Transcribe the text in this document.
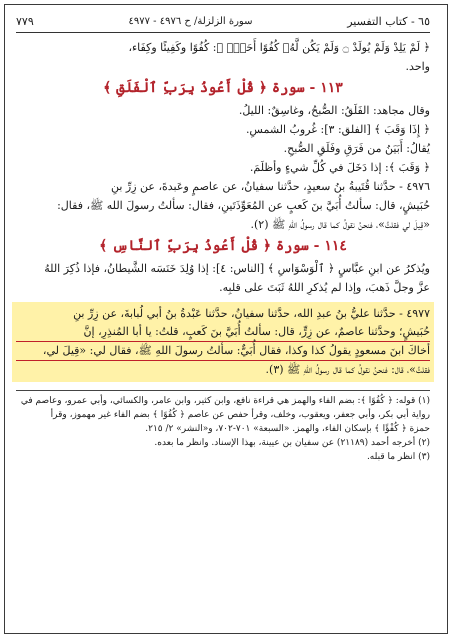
٦٥ - كتاب التفسير
سورة الزلزلة/ ح ٤٩٧٦ - ٤٩٧٧
٧٧٩

﴿ لَمْ يَلِدْ وَلَمْ يُولَدْ ۝ وَلَمْ يَكُن لَّهُۥ كُفُوًا أَحَدٌۢ ﴾: كُفُوًا وكَفِيئًا وكِفَاء،

واحد.

١١٣ - سورة ﴿ قُلْ أَعُوذُ بِرَبِّ ٱلْفَلَقِ ﴾

وقال مجاهد: الفَلَقُ: الصُّبحُ، وغاسِقٌ: الليلُ.

﴿ إِذَا وَقَبَ ﴾ [الفلق: ٣]: غُروبُ الشمسِ.

يُقالُ: أَبَيَنُ من فَرَقِ وفَلَقِ الصُّبحِ.

﴿ وَقَبَ ﴾: إذا دَخَلَ في كُلِّ شيءٍ وأظلَمَ.

٤٩٧٦ - حدَّثنا قُتَيبةُ بنُ سعيدٍ، حدَّثنا سفيانُ، عن عاصمٍ وعَبدةَ، عن زِرِّ بنِ

حُبَيشٍ، قال: سألتُ أُبَيَّ بنَ كَعبٍ عن المُعَوِّذَتَينِ، فقال: سألتُ رسولَ الله ﷺ، فقال:

«قِيلَ لي فقلتُ»، فنحنُ نقولُ كما قال رسولُ اللهِ ﷺ (٢).

١١٤ - سورة ﴿ قُلْ أَعُوذُ بِرَبِّ ٱلنَّاسِ ﴾

ويُذكرُ عن ابنِ عبَّاسٍ ﴿ ٱلْوَسْوَاسِ ﴾ [الناس: ٤]: إذا وُلِدَ خَنَسَه الشَّيطانُ، فإذا ذُكِرَ اللهُ

عزَّ وجلَّ ذَهبَ، وإذا لم يُذكرِ اللهُ ثَبَتَ على قلبِه.

٤٩٧٧ - حدَّثنا عليُّ بنُ عبدِ الله، حدَّثنا سفيانُ، حدَّثنا عَبْدةُ بنُ أبي لُبابةَ، عن زِرِّ بنِ
حُبَيشٍ؛ وحدَّثنا عاصمٌ، عن زِرٍّ، قال: سألتُ أُبَيَّ بنَ كَعبٍ، قلتُ: يا أبا المُنذِرِ، إنَّ
أخاكَ ابنَ مسعودٍ يقولُ كذا وكذا، فقال أُبَيٌّ: سألتُ رسولَ اللهِ ﷺ، فقال لي: «قِيلَ لي،
فقلتُ»، قال: فنحنُ نقولُ كما قال رسولُ اللهِ ﷺ (٣).

(١) قوله: ﴿ كُفُوًا ﴾: بضم الفاء والهمز هي قراءة نافع، وابن كثير، وابن عامر، والكسائي، وأبي عمرو، وعاصم في

رواية أبي بكر، وأبي جعفر، ويعقوب، وخلف، وقرأ حفص عن عاصم ﴿ كُفُوًا ﴾ بضم الفاء غير مهموز، وقرأ

حمزة ﴿ كُفْؤًا ﴾ بإسكان الفاء، والهمز. «السبعة» ٧٠١-٧٠٢، و«النشر» ٢/ ٢١٥.

(٢) أخرجه أحمد (٢١١٨٩) عن سفيان بن عيينة، بهذا الإسناد. وانظر ما بعده.

(٣) انظر ما قبله.
